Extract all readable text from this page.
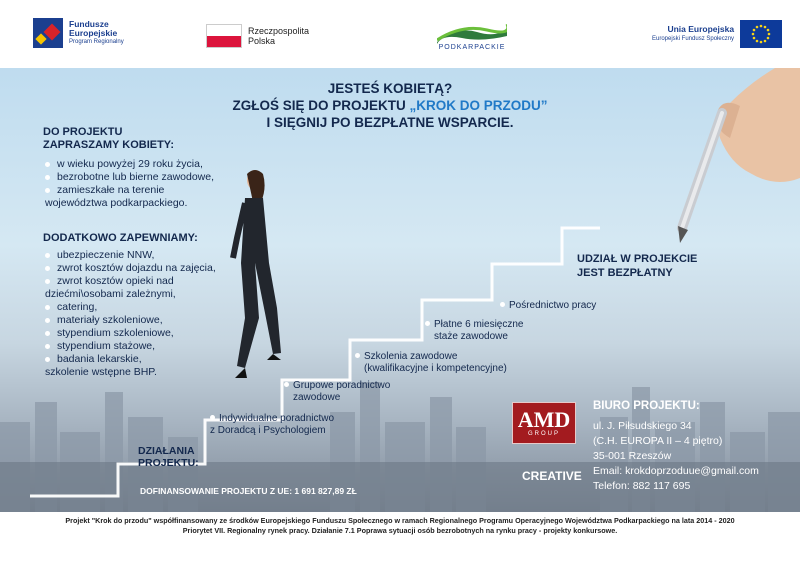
Fundusze
Europejskie
Program Regionalny
Rzeczpospolita
Polska
PODKARPACKIE
Unia Europejska
Europejski Fundusz Społeczny
JESTEŚ KOBIETĄ?
ZGŁOŚ SIĘ DO PROJEKTU „KROK DO PRZODU”
I SIĘGNIJ PO BEZPŁATNE WSPARCIE.
DO PROJEKTU
ZAPRASZAMY KOBIETY:
w wieku powyżej 29 roku życia,
bezrobotne lub bierne zawodowe,
zamieszkałe na terenie
województwa podkarpackiego.
DODATKOWO ZAPEWNIAMY:
ubezpieczenie NNW,
zwrot kosztów dojazdu na zajęcia,
zwrot kosztów opieki nad
dziećmi\osobami zależnymi,
catering,
materiały szkoleniowe,
stypendium szkoleniowe,
stypendium stażowe,
badania lekarskie,
szkolenie wstępne BHP.
Indywidualne poradnictwo
z Doradcą i Psychologiem
Grupowe poradnictwo
zawodowe
Szkolenia zawodowe
(kwalifikacyjne i kompetencyjne)
Płatne 6 miesięczne
staże zawodowe
Pośrednictwo pracy
UDZIAŁ W PROJEKCIE
JEST BEZPŁATNY
DZIAŁANIA
PROJEKTU:
DOFINANSOWANIE PROJEKTU Z UE: 1 691 827,89 ZŁ
AMD
GROUP
CREATIVE
BIURO PROJEKTU:
ul. J. Piłsudskiego 34
(C.H. EUROPA II – 4 piętro)
35-001 Rzeszów
Email: krokdoprzoduue@gmail.com
Telefon: 882 117 695
Projekt "Krok do przodu" współfinansowany ze środków Europejskiego Funduszu Społecznego w ramach Regionalnego Programu Operacyjnego Województwa Podkarpackiego na lata 2014 - 2020
Priorytet VII. Regionalny rynek pracy. Działanie 7.1 Poprawa sytuacji osób bezrobotnych na rynku pracy - projekty konkursowe.
